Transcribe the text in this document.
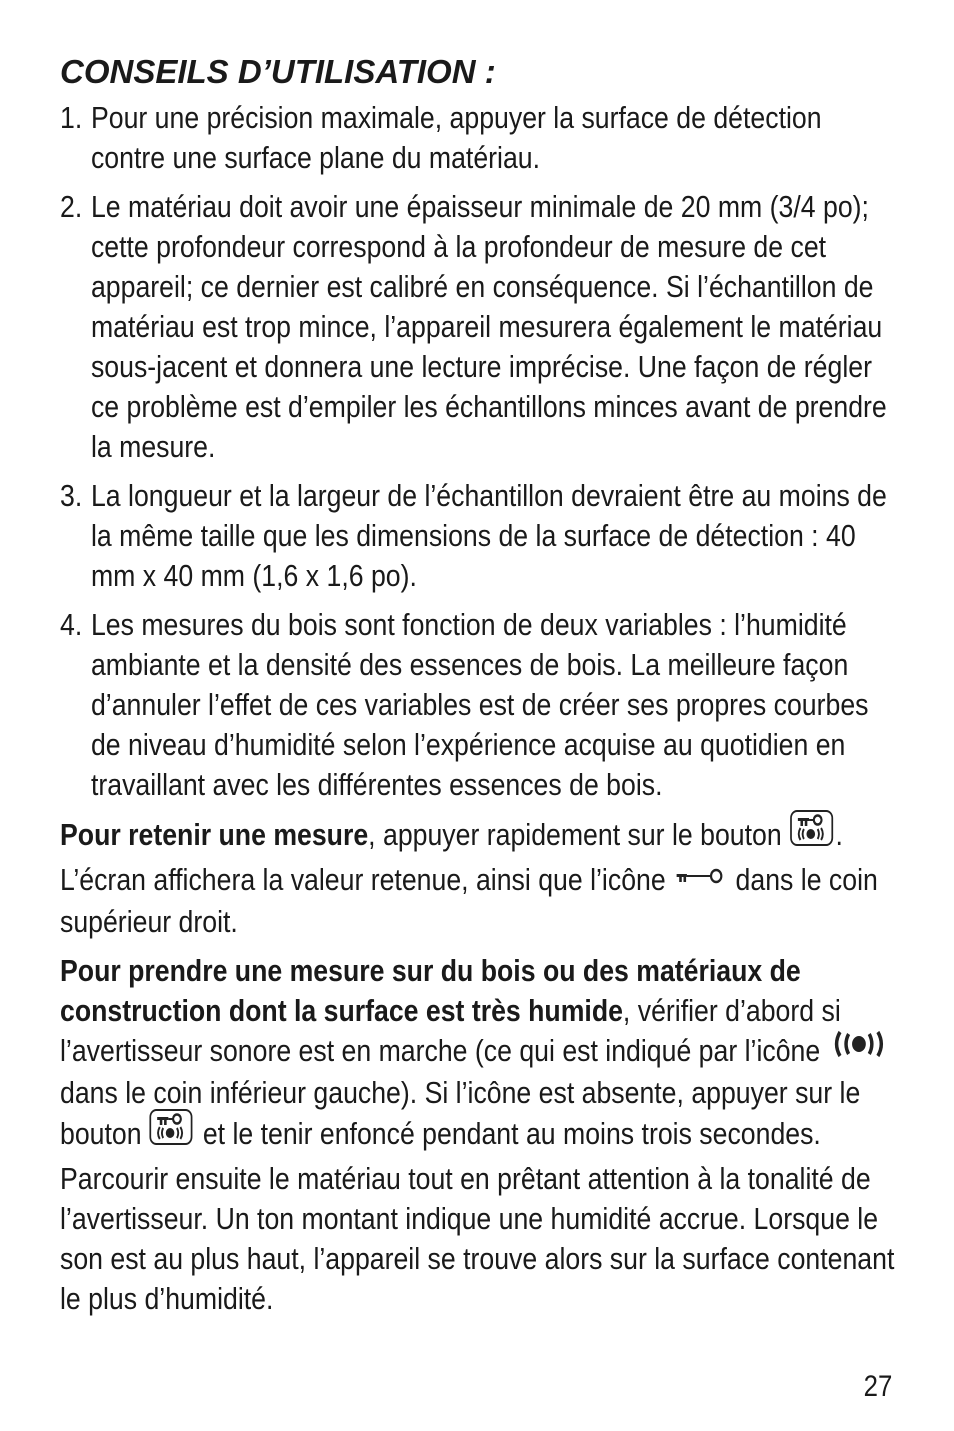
CONSEILS D’UTILISATION :
1. Pour une précision maximale, appuyer la surface de détection contre une surface plane du matériau.
2. Le matériau doit avoir une épaisseur minimale de 20 mm (3/4 po); cette profondeur correspond à la profondeur de mesure de cet appareil; ce dernier est calibré en conséquence. Si l’échantillon de matériau est trop mince, l’appareil mesurera également le matériau sous-jacent et donnera une lecture imprécise. Une façon de régler ce problème est d’empiler les échantillons minces avant de prendre la mesure.
3. La longueur et la largeur de l’échantillon devraient être au moins de la même taille que les dimensions de la surface de détection : 40 mm x 40 mm (1,6 x 1,6 po).
4. Les mesures du bois sont fonction de deux variables : l’humidité ambiante et la densité des essences de bois. La meilleure façon d’annuler l’effet de ces variables est de créer ses propres courbes de niveau d’humidité selon l’expérience acquise au quotidien en travaillant avec les différentes essences de bois.

Pour retenir une mesure, appuyer rapidement sur le bouton . L’écran affichera la valeur retenue, ainsi que l’icône dans le coin supérieur droit.

Pour prendre une mesure sur du bois ou des matériaux de construction dont la surface est très humide, vérifier d’abord si l’avertisseur sonore est en marche (ce qui est indiqué par l’icône  dans le coin inférieur gauche). Si l’icône est absente, appuyer sur le bouton et le tenir enfoncé pendant au moins trois secondes. Parcourir ensuite le matériau tout en prêtant attention à la tonalité de l’avertisseur. Un ton montant indique une humidité accrue. Lorsque le son est au plus haut, l’appareil se trouve alors sur la surface contenant le plus d’humidité.

27
